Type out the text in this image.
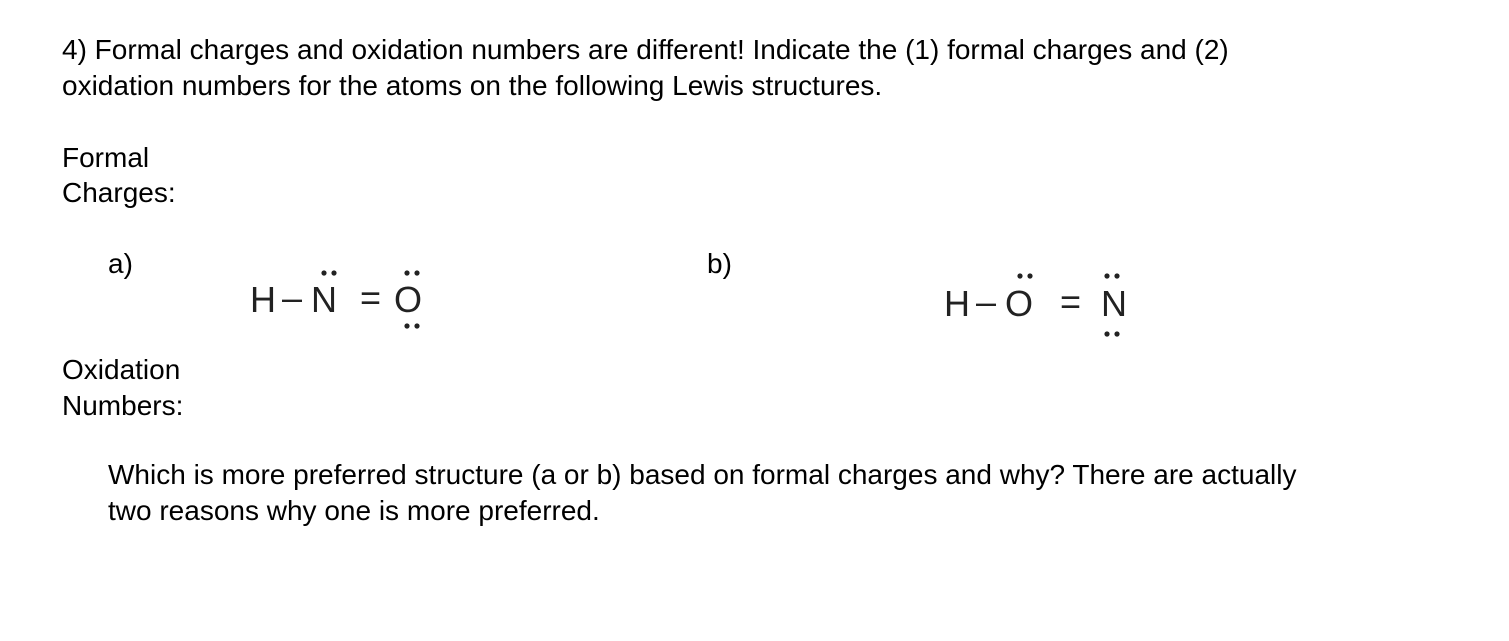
4) Formal charges and oxidation numbers are different! Indicate the (1) formal charges and (2)
oxidation numbers for the atoms on the following Lewis structures.
Formal
Charges:
a)	b)
H – N = O	H – O = N
Oxidation
Numbers:
Which is more preferred structure (a or b) based on formal charges and why? There are actually
two reasons why one is more preferred.
